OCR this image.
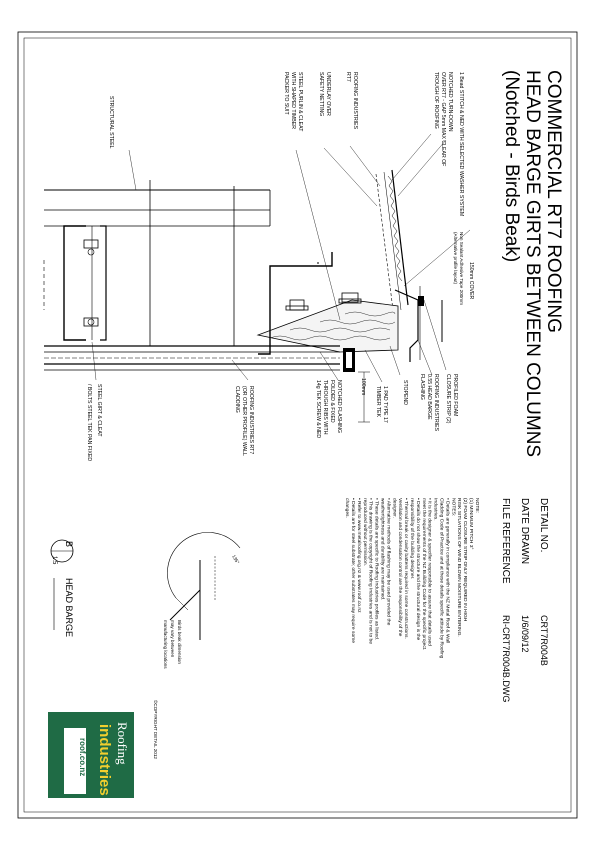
COMMERCIAL RT7 ROOFING
HEAD BARGE GIRTS BETWEEN COLUMNS
(Notched - Birds Beak)
DETAIL NO.
CRT7R004B
DATE DRAWN
1/6/09/12
FILE REFERENCE
RI-CRT7R004B.DWG
NOTE:
(1) MINIMUM PITCH 3°
(2) FOAM CLOSURE STRIP ONLY REQUIRED IN HIGH
RISK SITUATIONS OF WIND BLOWN MOISTURE ENTERING.
NOTES:
• Details are generally in compliance with the NZ Metal Roof & Wall
Cladding Code of Practice and at these details specific attitude by Roofing
Industries.
• It is the designer & specifier responsible to assure that details used
meet the requirements of the NZ Building Code for the specific project.
• Details do not show the structure and the structural design is the
responsibility of the building designer.
• Thermal break or cavity battens required in some constructions.
Ventilation and condensation control are the responsibility of the
designer.
• Alternative methods of flashing may be used provided the
weathertightness and durability are maintained.
• These details are specific to Roofing Industries profiles as listed.
• This drawing is the copyright of Roofing Industries and is not to be
reproduced without permission.
• Refer to www.metalroofing.org.nz & www.roof.co.nz
• Details are for steel substrate; other substrates may require some
changes.
Roofing
industries
roof.co.nz	©COPYRIGHT DETAIL 2012
B
1:5
HEAD BARGE
135°
Birds beak dimension
may vary between
manufacturing locations
1 Bead STITCH & NED WITH SELECTED WASHER SYSTEM
NOTCHED TURN-DOWN
OVER RT7 - GAP 5mm MAX CLEAR OF
TROUGH OF ROOFING
ROOFING INDUSTRIES
RT7
UNDERLAY OVER
SAFETY NETTING
STEEL PURLIN & CLEAT
WITH SHAPED TIMBER
PACKER TO SUIT
STRUCTURAL STEEL
150mm COVER
Non Sealant Adhesive Tape 200mm
(Alternative profile layout)
PROFILED FOAM
CLOSURE STRIP (2)
ROOFING INDUSTRIES
0.55 HEAD BARGE
FLASHING
STOPEND
1 PAD TYPE 17
TIMBER TEK
100mm
NOTCHED FLASHING
FOLDED & FIXED
THROUGH RIBS WITH
14g TEK SCREW & NED
ROOFING INDUSTRIES RT7
(OR OTHER PROFILE) WALL
CLADDING
STEEL GIRT & CLEAT
/ BOLTS STEEL TEK PAN FIXED
